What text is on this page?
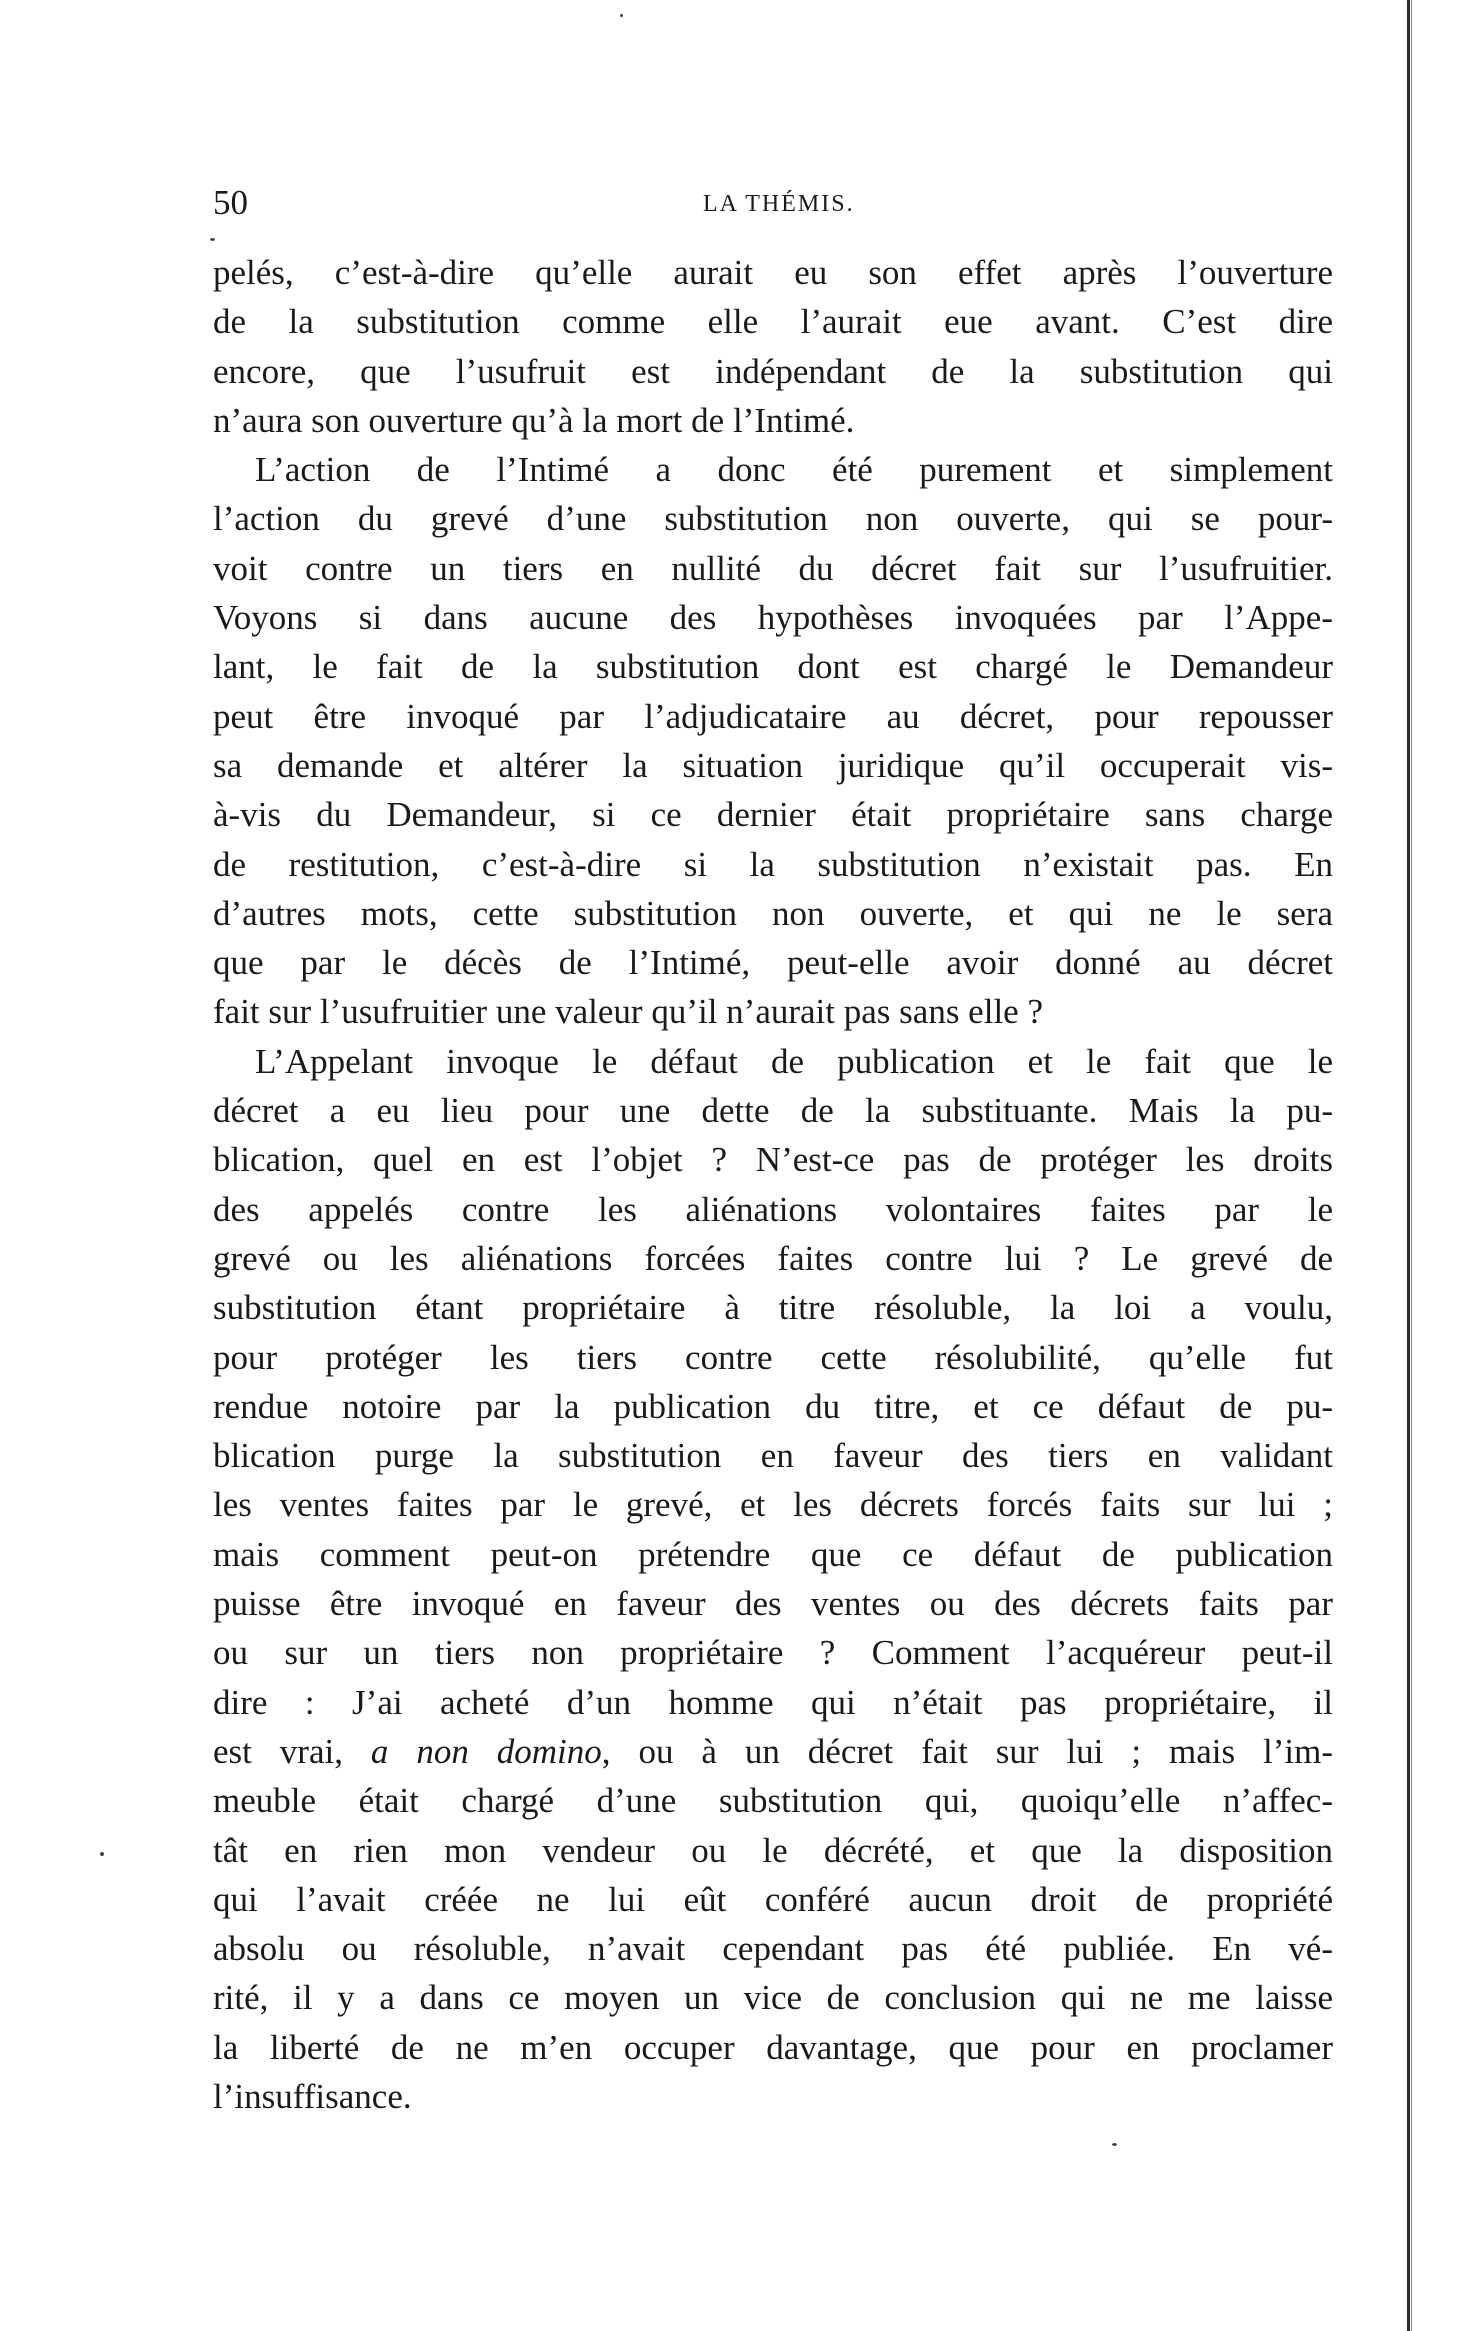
50	LA THÉMIS.
pelés, c’est-à-dire qu’elle aurait eu son effet après l’ouverture
de la substitution comme elle l’aurait eue avant. C’est dire
encore, que l’usufruit est indépendant de la substitution qui
n’aura son ouverture qu’à la mort de l’Intimé.
L’action de l’Intimé a donc été purement et simplement
l’action du grevé d’une substitution non ouverte, qui se pour-
voit contre un tiers en nullité du décret fait sur l’usufruitier.
Voyons si dans aucune des hypothèses invoquées par l’Appe-
lant, le fait de la substitution dont est chargé le Demandeur
peut être invoqué par l’adjudicataire au décret, pour repousser
sa demande et altérer la situation juridique qu’il occuperait vis-
à-vis du Demandeur, si ce dernier était propriétaire sans charge
de restitution, c’est-à-dire si la substitution n’existait pas. En
d’autres mots, cette substitution non ouverte, et qui ne le sera
que par le décès de l’Intimé, peut-elle avoir donné au décret
fait sur l’usufruitier une valeur qu’il n’aurait pas sans elle ?
L’Appelant invoque le défaut de publication et le fait que le
décret a eu lieu pour une dette de la substituante. Mais la pu-
blication, quel en est l’objet ? N’est-ce pas de protéger les droits
des appelés contre les aliénations volontaires faites par le
grevé ou les aliénations forcées faites contre lui ? Le grevé de
substitution étant propriétaire à titre résoluble, la loi a voulu,
pour protéger les tiers contre cette résolubilité, qu’elle fut
rendue notoire par la publication du titre, et ce défaut de pu-
blication purge la substitution en faveur des tiers en validant
les ventes faites par le grevé, et les décrets forcés faits sur lui ;
mais comment peut-on prétendre que ce défaut de publication
puisse être invoqué en faveur des ventes ou des décrets faits par
ou sur un tiers non propriétaire ? Comment l’acquéreur peut-il
dire : J’ai acheté d’un homme qui n’était pas propriétaire, il
est vrai, a non domino, ou à un décret fait sur lui ; mais l’im-
meuble était chargé d’une substitution qui, quoiqu’elle n’affec-
tât en rien mon vendeur ou le décrété, et que la disposition
qui l’avait créée ne lui eût conféré aucun droit de propriété
absolu ou résoluble, n’avait cependant pas été publiée. En vé-
rité, il y a dans ce moyen un vice de conclusion qui ne me laisse
la liberté de ne m’en occuper davantage, que pour en proclamer
l’insuffisance.
